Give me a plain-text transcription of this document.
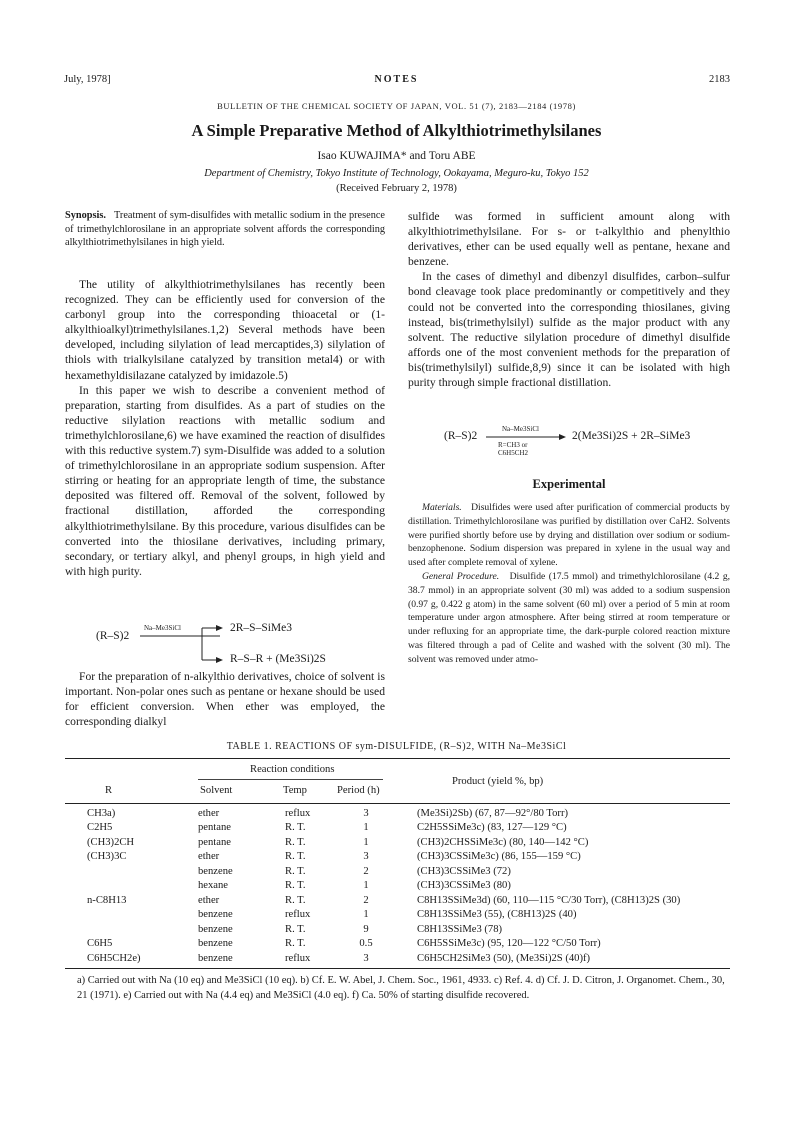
July, 1978]	NOTES	2183
BULLETIN OF THE CHEMICAL SOCIETY OF JAPAN, VOL. 51 (7), 2183—2184 (1978)
A Simple Preparative Method of Alkylthiotrimethylsilanes
Isao KUWAJIMA* and Toru ABE
Department of Chemistry, Tokyo Institute of Technology, Ookayama, Meguro-ku, Tokyo 152
(Received February 2, 1978)
Synopsis. Treatment of sym-disulfides with metallic sodium in the presence of trimethylchlorosilane in an appropriate solvent affords the corresponding alkylthiotrimethylsilanes in high yield.

The utility of alkylthiotrimethylsilanes has recently been recognized. They can be efficiently used for conversion of the carbonyl group into the corresponding thioacetal or (1-alkylthioalkyl)trimethylsilanes.1,2) Several methods have been developed, including silylation of lead mercaptides,3) silylation of thiols with trialkylsilane catalyzed by transition metal4) or with hexamethyldisilazane catalyzed by imidazole.5)

In this paper we wish to describe a convenient method of preparation, starting from disulfides. As a part of studies on the reductive silylation reactions with metallic sodium and trimethylchlorosilane,6) we have examined the reaction of disulfides with this reductive system.7) sym-Disulfide was added to a solution of trimethylchlorosilane in an appropriate sodium suspension. After stirring or heating for an appropriate length of time, the substance deposited was filtered off. Removal of the solvent, followed by fractional distillation, afforded the corresponding alkylthiotrimethylsilane. By this procedure, various disulfides can be converted into the thiosilane derivatives, including primary, secondary, or tertiary alkyl, and phenyl groups, in high yield and with high purity.

(R–S)2
Na–Me3SiCl	2R–S–SiMe3
R–S–R + (Me3Si)2S

For the preparation of n-alkylthio derivatives, choice of solvent is important. Non-polar ones such as pentane or hexane should be used for efficient conversion. When ether was employed, the corresponding dialkyl

sulfide was formed in sufficient amount along with alkylthiotrimethylsilane. For s- or t-alkylthio and phenylthio derivatives, ether can be used equally well as pentane, hexane and benzene.

In the cases of dimethyl and dibenzyl disulfides, carbon–sulfur bond cleavage took place predominantly or competitively and they could not be converted into the corresponding thiosilanes, giving instead, bis(trimethylsilyl) sulfide as the major product with any solvent. The reductive silylation procedure of dimethyl disulfide affords one of the most convenient methods for the preparation of bis(trimethylsilyl) sulfide,8,9) since it can be isolated with high purity through simple fractional distillation.

(R–S)2
Na–Me3SiCl
R=CH3 or C6H5CH2
2(Me3Si)2S + 2R–SiMe3
Experimental

Materials. Disulfides were used after purification of commercial products by distillation. Trimethylchlorosilane was purified by distillation over CaH2. Solvents were purified shortly before use by drying and distillation over sodium or sodium-benzophenone. Sodium dispersion was prepared in xylene in the usual way and used after complete removal of xylene.

General Procedure. Disulfide (17.5 mmol) and trimethylchlorosilane (4.2 g, 38.7 mmol) in an appropriate solvent (30 ml) was added to a sodium suspension (0.97 g, 0.422 g atom) in the same solvent (60 ml) over a period of 5 min at room temperature under argon atmosphere. After being stirred at room temperature or under refluxing for an appropriate time, the dark-purple colored reaction mixture was filtered through a pad of Celite and washed with the solvent (30 ml). The solvent was removed under atmo-

TABLE 1. REACTIONS OF sym-DISULFIDE, (R–S)2, WITH Na–Me3SiCl
R
Reaction conditions
Solvent	Temp	Period (h)
Product (yield %, bp)
CH3a)	ether	reflux	3	(Me3Si)2Sb) (67, 87—92°/80 Torr)
C2H5	pentane	R. T.	1	C2H5SSiMe3c) (83, 127—129 °C)
(CH3)2CH	pentane	R. T.	1	(CH3)2CHSSiMe3c) (80, 140—142 °C)
(CH3)3C	ether	R. T.	3	(CH3)3CSSiMe3c) (86, 155—159 °C)
	benzene	R. T.	2	(CH3)3CSSiMe3 (72)
	hexane	R. T.	1	(CH3)3CSSiMe3 (80)
n-C8H13	ether	R. T.	2	C8H13SSiMe3d) (60, 110—115 °C/30 Torr), (C8H13)2S (30)
	benzene	reflux	1	C8H13SSiMe3 (55), (C8H13)2S (40)
	benzene	R. T.	9	C8H13SSiMe3 (78)
C6H5	benzene	R. T.	0.5	C6H5SSiMe3c) (95, 120—122 °C/50 Torr)
C6H5CH2e)	benzene	reflux	3	C6H5CH2SiMe3 (50), (Me3Si)2S (40)f)
a) Carried out with Na (10 eq) and Me3SiCl (10 eq). b) Cf. E. W. Abel, J. Chem. Soc., 1961, 4933. c) Ref. 4. d) Cf. J. D. Citron, J. Organomet. Chem., 30, 21 (1971). e) Carried out with Na (4.4 eq) and Me3SiCl (4.0 eq). f) Ca. 50% of starting disulfide recovered.
